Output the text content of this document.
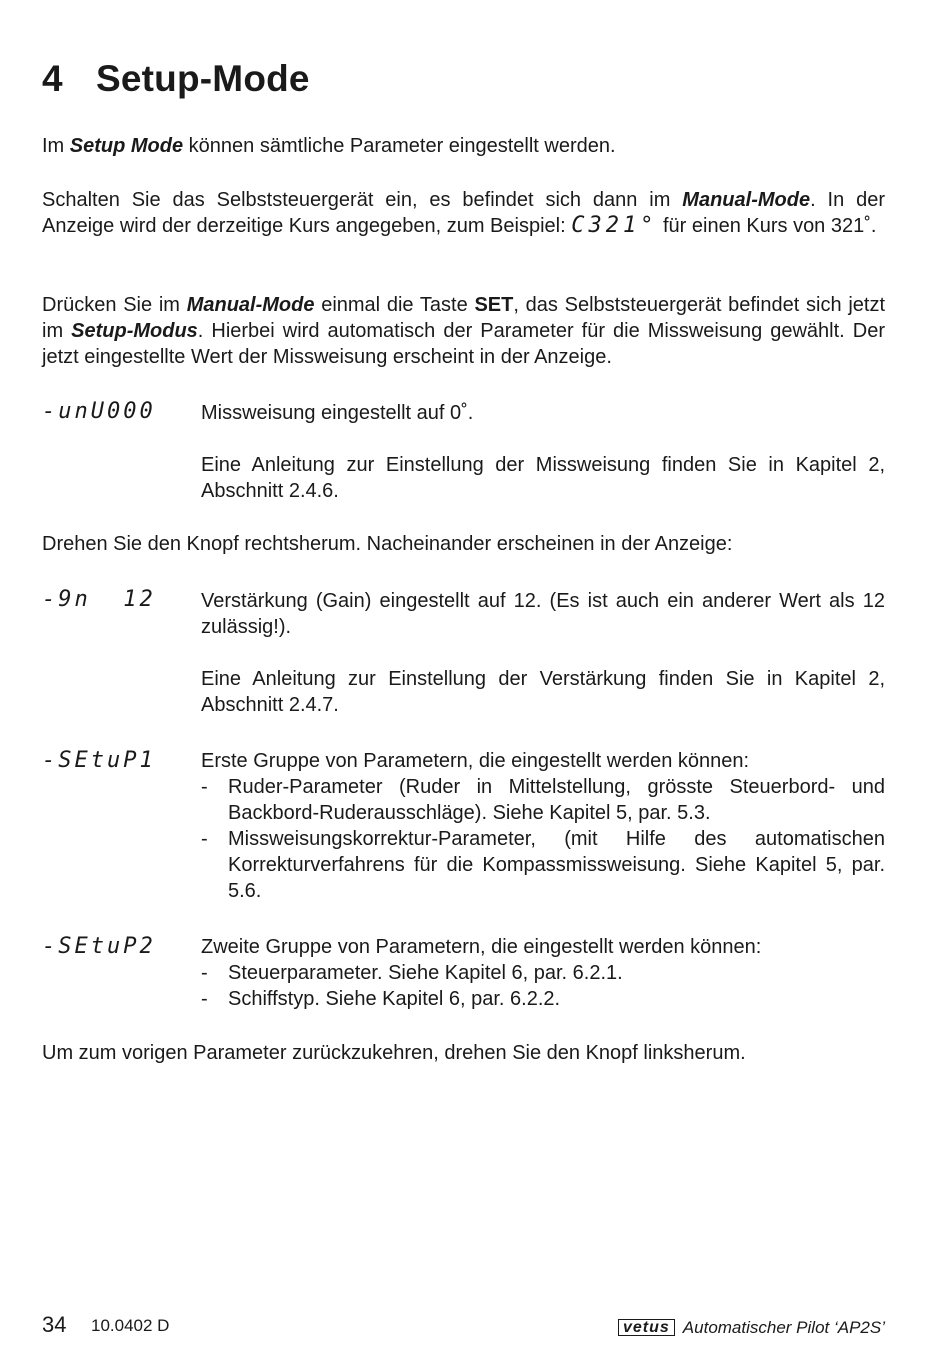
4 Setup-Mode

Im Setup Mode können sämtliche Parameter eingestellt werden.

Schalten Sie das Selbststeuergerät ein, es befindet sich dann im Manual-Mode. In der Anzeige wird der derzeitige Kurs angegeben, zum Beispiel: C321° für einen Kurs von 321˚.

Drücken Sie im Manual-Mode einmal die Taste SET, das Selbststeuergerät befindet sich jetzt im Setup-Modus. Hierbei wird automatisch der Parameter für die Missweisung gewählt. Der jetzt eingestellte Wert der Missweisung erscheint in der Anzeige.

-unU000	Missweisung eingestellt auf 0˚.

Eine Anleitung zur Einstellung der Missweisung finden Sie in Kapitel 2, Abschnitt 2.4.6.

Drehen Sie den Knopf rechtsherum. Nacheinander erscheinen in der Anzeige:

-9n  12	Verstärkung (Gain) eingestellt auf 12. (Es ist auch ein anderer Wert als 12 zulässig!).

Eine Anleitung zur Einstellung der Verstärkung finden Sie in Kapitel 2, Abschnitt 2.4.7.

-SEtuP1	Erste Gruppe von Parametern, die eingestellt werden können:

- Ruder-Parameter (Ruder in Mittelstellung, grösste Steuerbord- und Backbord-Ruderausschläge). Siehe Kapitel 5, par. 5.3.
- Missweisungskorrektur-Parameter, (mit Hilfe des automatischen Korrekturverfahrens für die Kompassmissweisung. Siehe Kapitel 5, par. 5.6.
-SEtuP2	Zweite Gruppe von Parametern, die eingestellt werden können:

- Steuerparameter. Siehe Kapitel 6, par. 6.2.1.
- Schiffstyp. Siehe Kapitel 6, par. 6.2.2.

Um zum vorigen Parameter zurückzukehren, drehen Sie den Knopf linksherum.

34 10.0402 D	vetus Automatischer Pilot ‘AP2S’
